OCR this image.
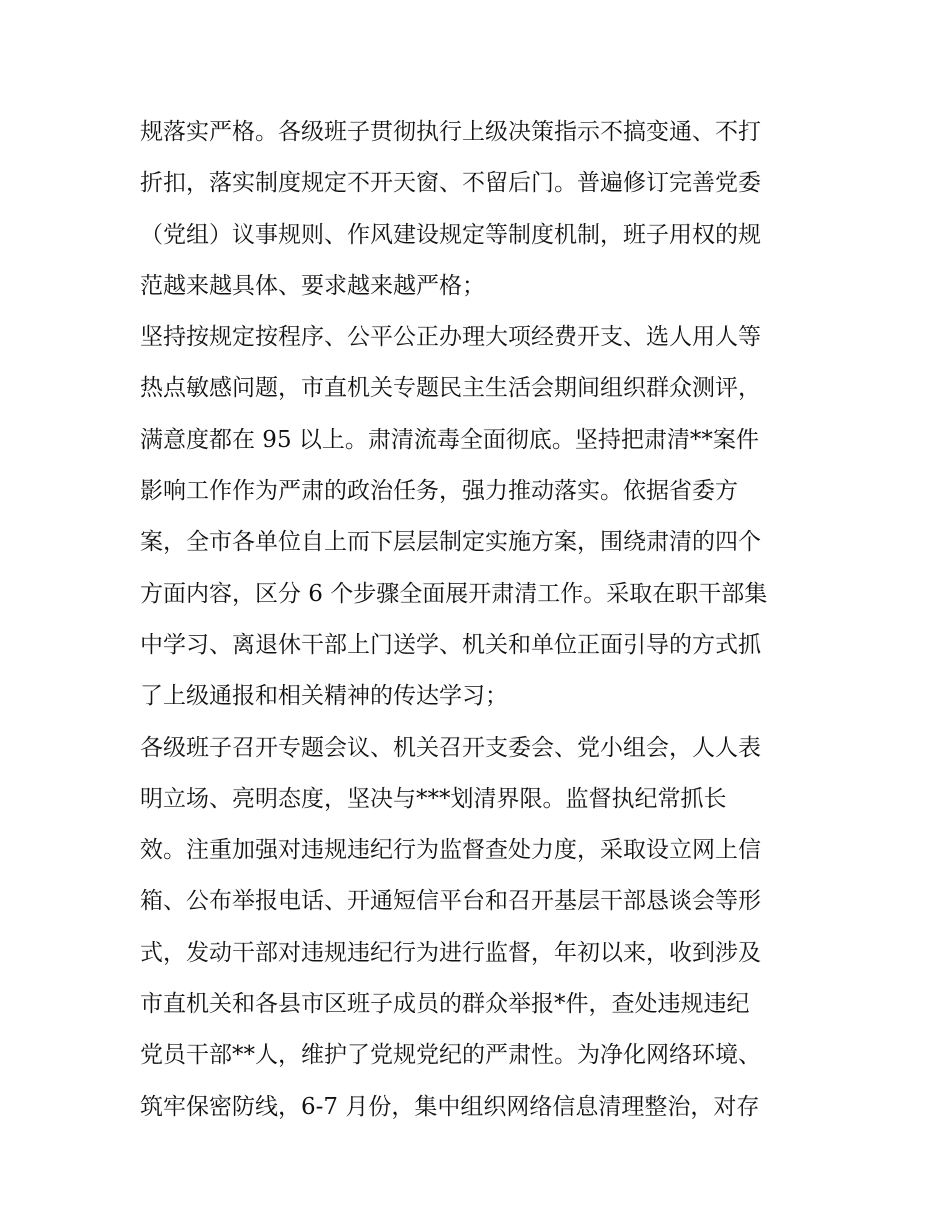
规落实严格。各级班子贯彻执行上级决策指示不搞变通、不打
折扣，落实制度规定不开天窗、不留后门。普遍修订完善党委
（党组）议事规则、作风建设规定等制度机制，班子用权的规
范越来越具体、要求越来越严格；
坚持按规定按程序、公平公正办理大项经费开支、选人用人等
热点敏感问题，市直机关专题民主生活会期间组织群众测评，
满意度都在 95 以上。肃清流毒全面彻底。坚持把肃清**案件
影响工作作为严肃的政治任务，强力推动落实。依据省委方
案，全市各单位自上而下层层制定实施方案，围绕肃清的四个
方面内容，区分 6 个步骤全面展开肃清工作。采取在职干部集
中学习、离退休干部上门送学、机关和单位正面引导的方式抓
了上级通报和相关精神的传达学习；
各级班子召开专题会议、机关召开支委会、党小组会，人人表
明立场、亮明态度，坚决与***划清界限。监督执纪常抓长
效。注重加强对违规违纪行为监督查处力度，采取设立网上信
箱、公布举报电话、开通短信平台和召开基层干部恳谈会等形
式，发动干部对违规违纪行为进行监督，年初以来，收到涉及
市直机关和各县市区班子成员的群众举报*件，查处违规违纪
党员干部**人，维护了党规党纪的严肃性。为净化网络环境、
筑牢保密防线，6-7 月份，集中组织网络信息清理整治，对存
